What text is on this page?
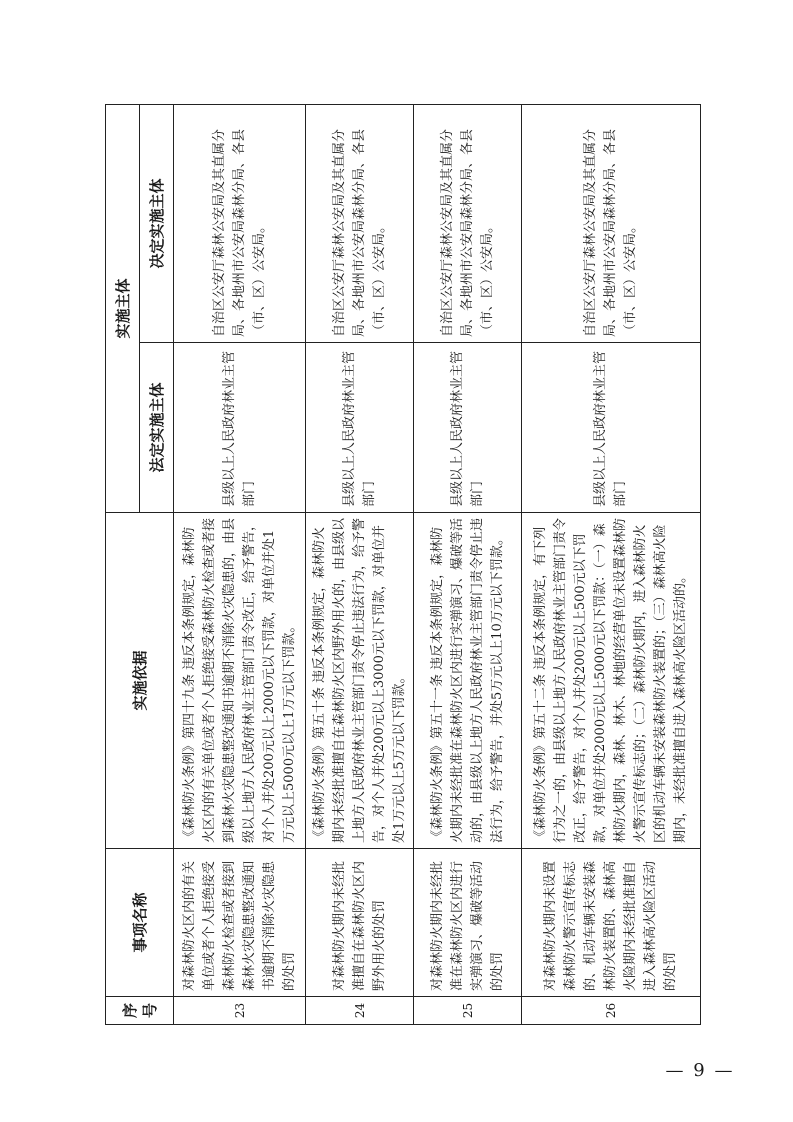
序号	事项名称	实施依据	实施主体	
			法定实施主体	决定实施主体
23	对森林防火区内的有关单位或者个人拒绝接受森林防火检查或者接到森林火灾隐患整改通知书逾期不消除火灾隐患的处罚	《森林防火条例》第四十九条 违反本条例规定，森林防火区内的有关单位或者个人拒绝接受森林防火检查或者接到森林火灾隐患整改通知书逾期不消除火灾隐患的，由县级以上地方人民政府林业主管部门责令改正，给予警告，对个人并处200元以上2000元以下罚款，对单位并处1万元以上5000元以上1万元以下罚款。	县级以上人民政府林业主管部门	自治区公安厅森林公安局及其直属分局、各地州市公安局森林分局、各县（市、区）公安局。
24	对森林防火期内未经批准擅自在森林防火区内野外用火的处罚	《森林防火条例》第五十条 违反本条例规定，森林防火期内未经批准擅自在森林防火区内野外用火的，由县级以上地方人民政府林业主管部门责令停止违法行为，给予警告，对个人并处200元以上3000元以下罚款，对单位并处1万元以上5万元以下罚款。	县级以上人民政府林业主管部门	自治区公安厅森林公安局及其直属分局、各地州市公安局森林分局、各县（市、区）公安局。
25	对森林防火期内未经批准在森林防火区内进行实弹演习、爆破等活动的处罚	《森林防火条例》第五十一条 违反本条例规定，森林防火期内未经批准在森林防火区内进行实弹演习、爆破等活动的，由县级以上地方人民政府林业主管部门责令停止违法行为，给予警告，并处5万元以上10万元以下罚款。	县级以上人民政府林业主管部门	自治区公安厅森林公安局及其直属分局、各地州市公安局森林分局、各县（市、区）公安局。
26	对森林防火期内未设置森林防火警示宣传标志的、机动车辆未安装森林防火装置的、森林高火险期内未经批准擅自进入森林高火险区活动的处罚	《森林防火条例》第五十二条 违反本条例规定，有下列行为之一的，由县级以上地方人民政府林业主管部门责令改正，给予警告，对个人并处200元以上500元以下罚款，对单位并处2000元以上5000元以下罚款：（一）森林防火期内，森林、林木、林地的经营单位未设置森林防火警示宣传标志的；（二）森林防火期内，进入森林防火区的机动车辆未安装森林防火装置的；（三）森林高火险期内，未经批准擅自进入森林高火险区活动的。	县级以上人民政府林业主管部门	自治区公安厅森林公安局及其直属分局、各地州市公安局森林分局、各县（市、区）公安局。
— 9 —
